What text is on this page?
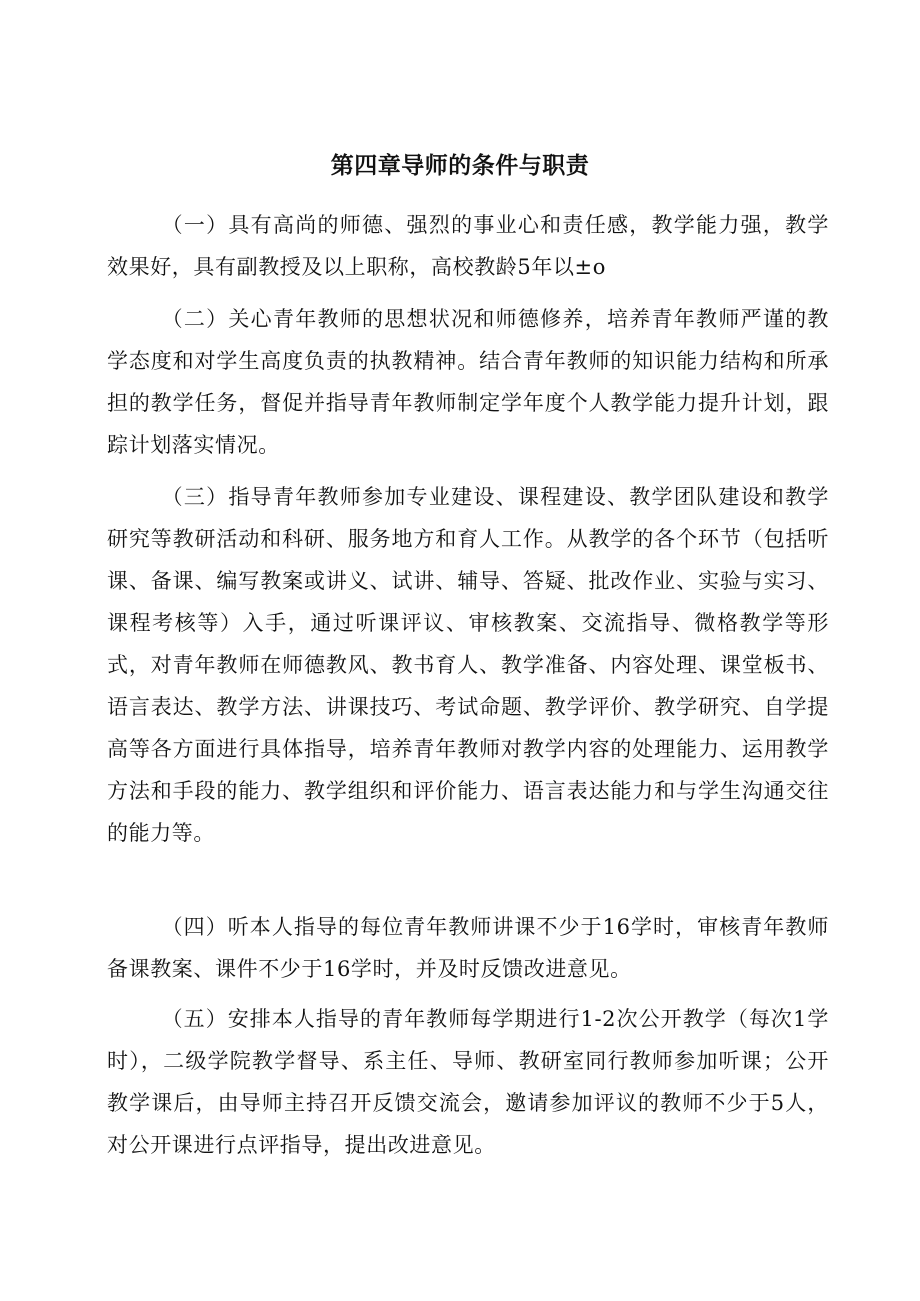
第四章导师的条件与职责

（一）具有高尚的师德、强烈的事业心和责任感，教学能力强，教学效果好，具有副教授及以上职称，高校教龄5年以±o

（二）关心青年教师的思想状况和师德修养，培养青年教师严谨的教学态度和对学生高度负责的执教精神。结合青年教师的知识能力结构和所承担的教学任务，督促并指导青年教师制定学年度个人教学能力提升计划，跟踪计划落实情况。

（三）指导青年教师参加专业建设、课程建设、教学团队建设和教学研究等教研活动和科研、服务地方和育人工作。从教学的各个环节（包括听课、备课、编写教案或讲义、试讲、辅导、答疑、批改作业、实验与实习、课程考核等）入手，通过听课评议、审核教案、交流指导、微格教学等形式，对青年教师在师德教风、教书育人、教学准备、内容处理、课堂板书、语言表达、教学方法、讲课技巧、考试命题、教学评价、教学研究、自学提高等各方面进行具体指导，培养青年教师对教学内容的处理能力、运用教学方法和手段的能力、教学组织和评价能力、语言表达能力和与学生沟通交往的能力等。

（四）听本人指导的每位青年教师讲课不少于16学时，审核青年教师备课教案、课件不少于16学时，并及时反馈改进意见。

（五）安排本人指导的青年教师每学期进行1-2次公开教学（每次1学时），二级学院教学督导、系主任、导师、教研室同行教师参加听课；公开教学课后，由导师主持召开反馈交流会，邀请参加评议的教师不少于5人，对公开课进行点评指导，提出改进意见。
